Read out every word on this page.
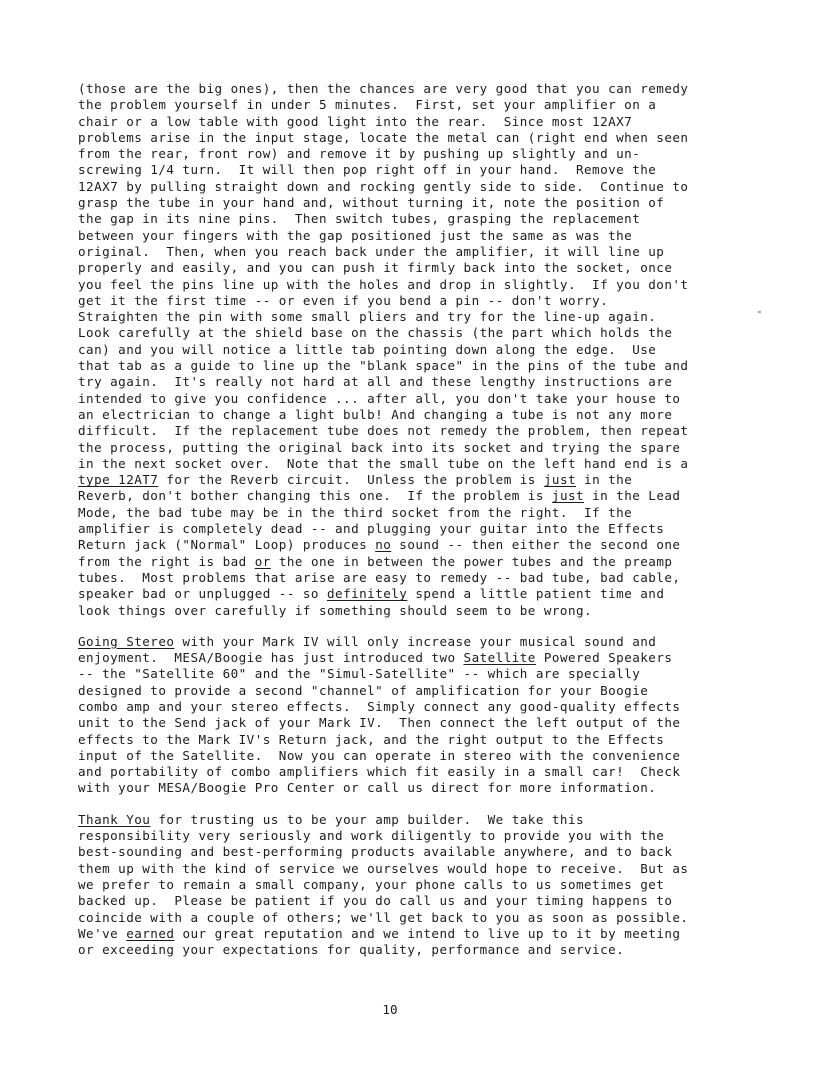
(those are the big ones), then the chances are very good that you can remedy
the problem yourself in under 5 minutes.  First, set your amplifier on a
chair or a low table with good light into the rear.  Since most 12AX7
problems arise in the input stage, locate the metal can (right end when seen
from the rear, front row) and remove it by pushing up slightly and un-
screwing 1/4 turn.  It will then pop right off in your hand.  Remove the
12AX7 by pulling straight down and rocking gently side to side.  Continue to
grasp the tube in your hand and, without turning it, note the position of
the gap in its nine pins.  Then switch tubes, grasping the replacement
between your fingers with the gap positioned just the same as was the
original.  Then, when you reach back under the amplifier, it will line up
properly and easily, and you can push it firmly back into the socket, once
you feel the pins line up with the holes and drop in slightly.  If you don't
get it the first time -- or even if you bend a pin -- don't worry.
Straighten the pin with some small pliers and try for the line-up again.
Look carefully at the shield base on the chassis (the part which holds the
can) and you will notice a little tab pointing down along the edge.  Use
that tab as a guide to line up the "blank space" in the pins of the tube and
try again.  It's really not hard at all and these lengthy instructions are
intended to give you confidence ... after all, you don't take your house to
an electrician to change a light bulb! And changing a tube is not any more
difficult.  If the replacement tube does not remedy the problem, then repeat
the process, putting the original back into its socket and trying the spare
in the next socket over.  Note that the small tube on the left hand end is a
type 12AT7 for the Reverb circuit.  Unless the problem is just in the
Reverb, don't bother changing this one.  If the problem is just in the Lead
Mode, the bad tube may be in the third socket from the right.  If the
amplifier is completely dead -- and plugging your guitar into the Effects
Return jack ("Normal" Loop) produces no sound -- then either the second one
from the right is bad or the one in between the power tubes and the preamp
tubes.  Most problems that arise are easy to remedy -- bad tube, bad cable,
speaker bad or unplugged -- so definitely spend a little patient time and
look things over carefully if something should seem to be wrong.
Going Stereo with your Mark IV will only increase your musical sound and
enjoyment.  MESA/Boogie has just introduced two Satellite Powered Speakers
-- the "Satellite 60" and the "Simul-Satellite" -- which are specially
designed to provide a second "channel" of amplification for your Boogie
combo amp and your stereo effects.  Simply connect any good-quality effects
unit to the Send jack of your Mark IV.  Then connect the left output of the
effects to the Mark IV's Return jack, and the right output to the Effects
input of the Satellite.  Now you can operate in stereo with the convenience
and portability of combo amplifiers which fit easily in a small car!  Check
with your MESA/Boogie Pro Center or call us direct for more information.
Thank You for trusting us to be your amp builder.  We take this
responsibility very seriously and work diligently to provide you with the
best-sounding and best-performing products available anywhere, and to back
them up with the kind of service we ourselves would hope to receive.  But as
we prefer to remain a small company, your phone calls to us sometimes get
backed up.  Please be patient if you do call us and your timing happens to
coincide with a couple of others; we'll get back to you as soon as possible.
We've earned our great reputation and we intend to live up to it by meeting
or exceeding your expectations for quality, performance and service.
10
